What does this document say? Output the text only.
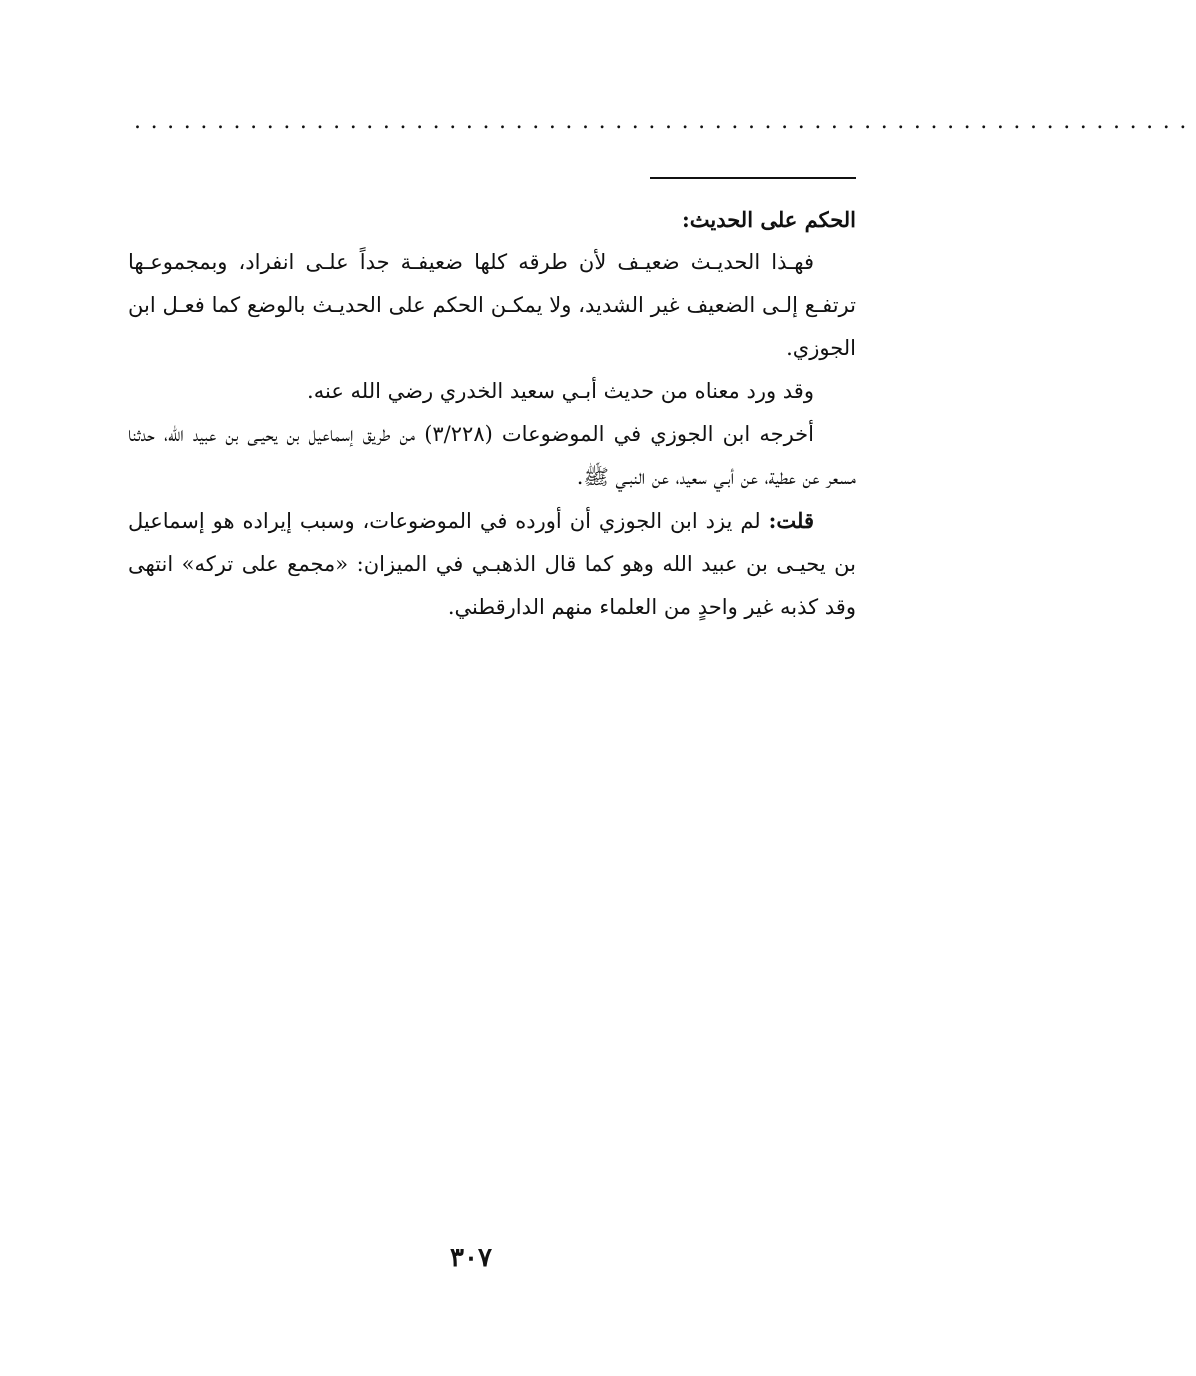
................................................................

الحكم على الحديث:

فهـذا الحديـث ضعيـف لأن طرقه كلها ضعيفـة جداً علـى انفراد، وبمجموعـها ترتفـع إلـى الضعيف غير الشديد، ولا يمكـن الحكم على الحديـث بالوضع كما فعـل ابن الجوزي.

وقد ورد معناه من حديث أبـي سعيد الخدري رضي الله عنه.

أخرجه ابن الجوزي في الموضوعات (٣/٢٢٨) من طريق إسماعيل بن يحيـى بن عبيد الله، حدثنا مسعر عن عطية، عن أبـي سعيد، عن النبـي ﷺ.

قلت: لم يزد ابن الجوزي أن أورده في الموضوعات، وسبب إيراده هو إسماعيل بن يحيـى بن عبيد الله وهو كما قال الذهبـي في الميزان: «مجمع على تركه» انتهى وقد كذبه غير واحدٍ من العلماء منهم الدارقطني.

٣٠٧
